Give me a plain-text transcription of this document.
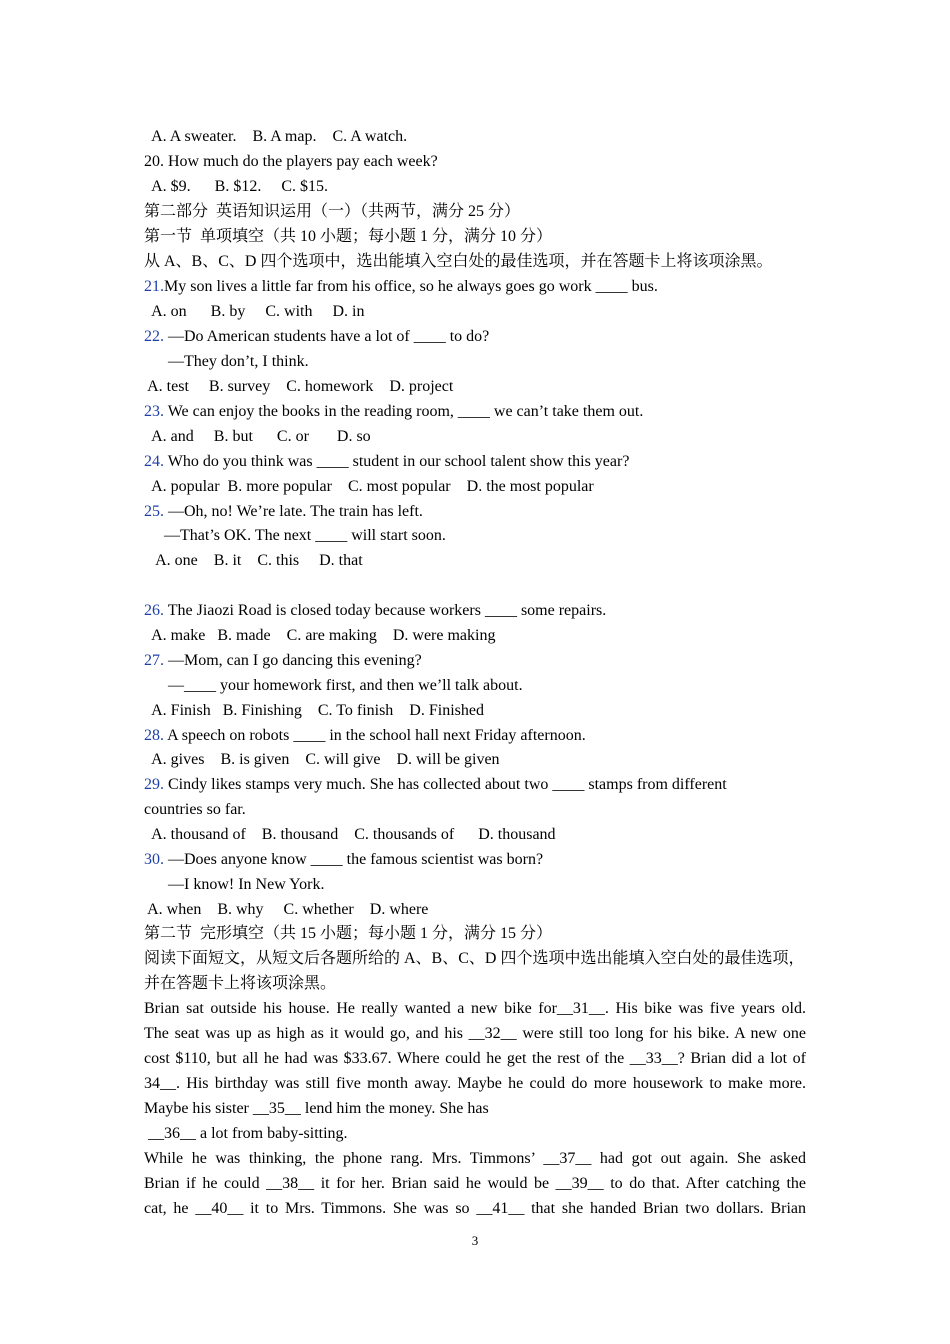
A. A sweater.    B. A map.    C. A watch.
20. How much do the players pay each week?
A. $9.      B. $12.     C. $15.
第二部分  英语知识运用（一）（共两节，满分 25 分）
第一节  单项填空（共 10 小题；每小题 1 分，满分 10 分）
从 A、B、C、D 四个选项中，选出能填入空白处的最佳选项，并在答题卡上将该项涂黑。
21.My son lives a little far from his office, so he always goes go work ____ bus.
A. on      B. by     C. with     D. in
22. —Do American students have a lot of ____ to do?
—They don’t, I think.
A. test     B. survey    C. homework    D. project
23. We can enjoy the books in the reading room, ____ we can’t take them out.
A. and     B. but      C. or       D. so
24. Who do you think was ____ student in our school talent show this year?
A. popular  B. more popular    C. most popular    D. the most popular
25. —Oh, no! We’re late. The train has left.
—That’s OK. The next ____ will start soon.
A. one    B. it    C. this     D. that
26. The Jiaozi Road is closed today because workers ____ some repairs.
A. make   B. made    C. are making    D. were making
27. —Mom, can I go dancing this evening?
—____ your homework first, and then we’ll talk about.
A. Finish   B. Finishing    C. To finish    D. Finished
28. A speech on robots ____ in the school hall next Friday afternoon.
A. gives    B. is given    C. will give    D. will be given
29. Cindy likes stamps very much. She has collected about two ____ stamps from different
countries so far.
A. thousand of    B. thousand    C. thousands of      D. thousand
30. —Does anyone know ____ the famous scientist was born?
—I know! In New York.
A. when    B. why     C. whether    D. where
第二节  完形填空（共 15 小题；每小题 1 分，满分 15 分）
阅读下面短文，从短文后各题所给的 A、B、C、D 四个选项中选出能填入空白处的最佳选项，
并在答题卡上将该项涂黑。
Brian sat outside his house. He really wanted a new bike for__31__. His bike was five years old.
The seat was up as high as it would go, and his __32__ were still too long for his bike. A new one
cost $110, but all he had was $33.67. Where could he get the rest of the __33__? Brian did a lot of
34__. His birthday was still five month away. Maybe he could do more housework to make more.
Maybe his sister __35__ lend him the money. She has
__36__ a lot from baby-sitting.
While he was thinking, the phone rang. Mrs. Timmons’ __37__ had got out again. She asked
Brian if he could __38__ it for her. Brian said he would be __39__ to do that. After catching the
cat, he __40__ it to Mrs. Timmons. She was so __41__ that she handed Brian two dollars. Brian
3
